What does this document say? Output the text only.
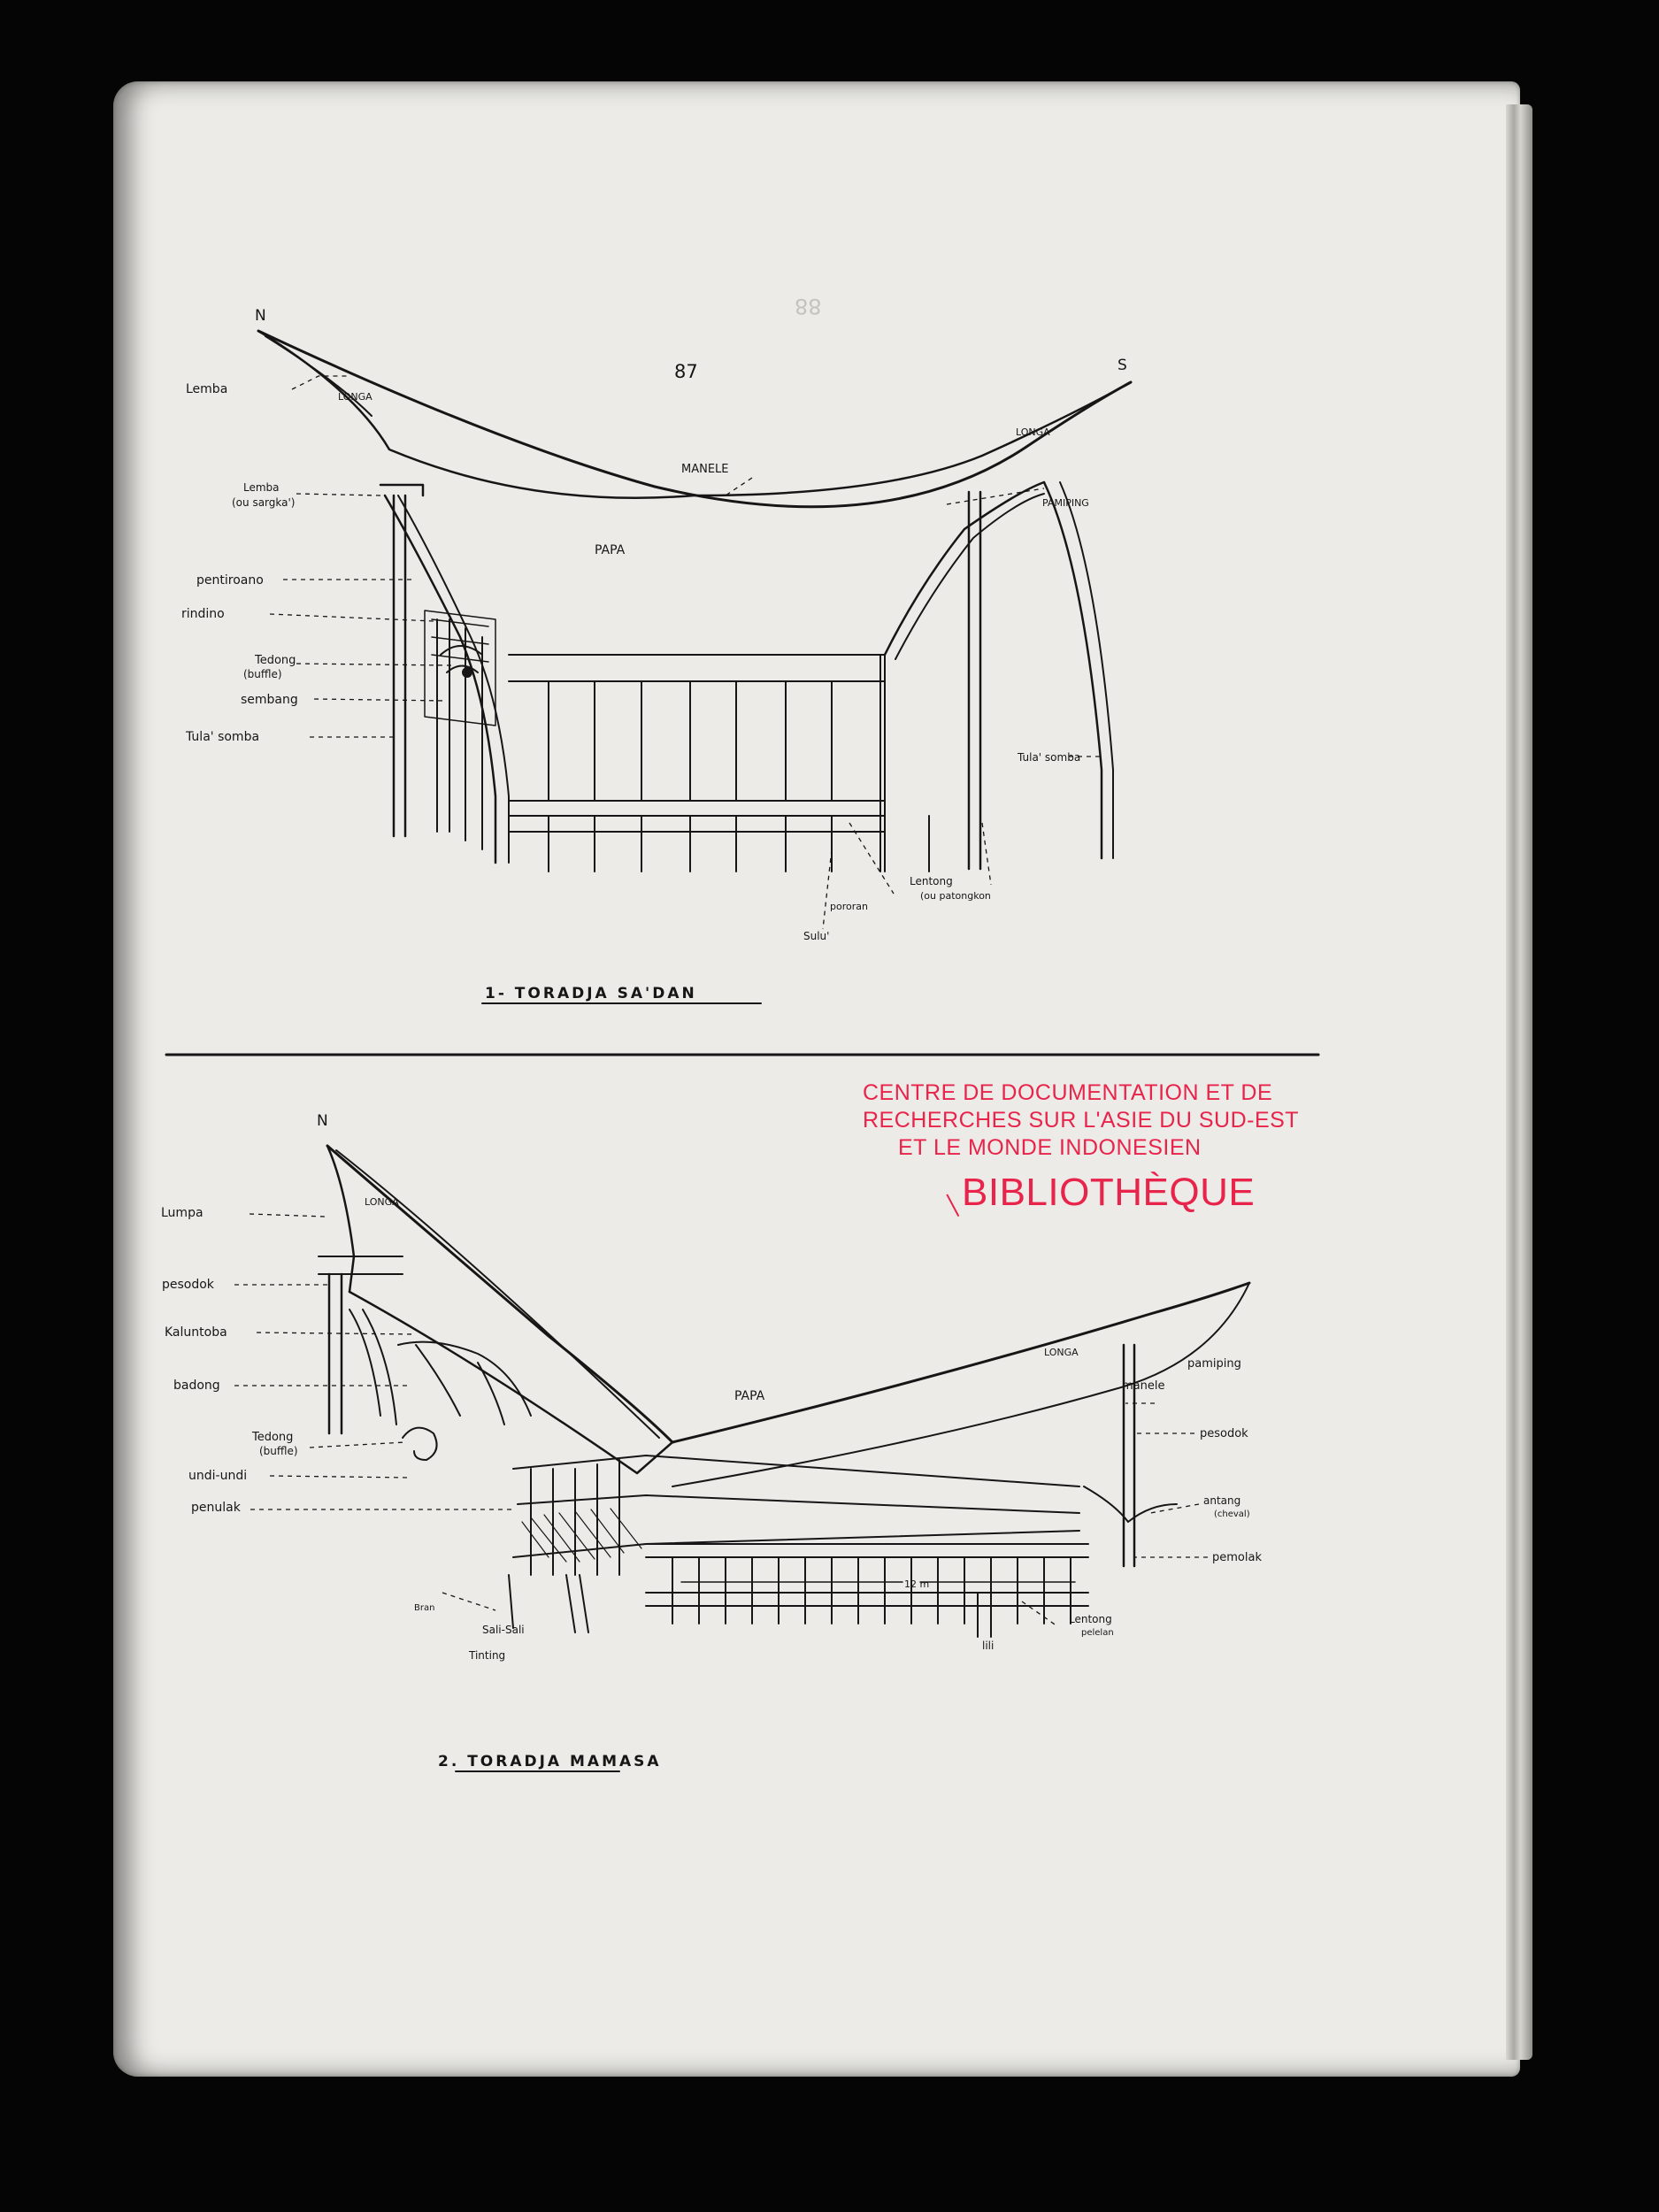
88
87
N
S
Lemba
LONGA
LONGA
MANELE
Lemba
(ou sargka')	PAMIPING
PAPA
pentiroano
rindino
Tedong
(buffle)
sembang
Tula' somba
Tula' somba
Lentong
(ou patongkon
pororan
Sulu'
1- TORADJA SA'DAN
N
Lumpa
LONGA
pesodok
Kaluntoba
badong
Tedong
(buffle)
undi-undi
penulak
LONGA
manele
pamiping
PAPA
pesodok
antang
(cheval)
pemolak
Bran
Sali-Sali
Tinting
12 m
lili
Lentong
pelelan
2. TORADJA MAMASA
CENTRE DE DOCUMENTATION ET DE
RECHERCHES SUR L'ASIE DU SUD-EST
ET LE MONDE INDONESIEN
BIBLIOTHÈQUE
